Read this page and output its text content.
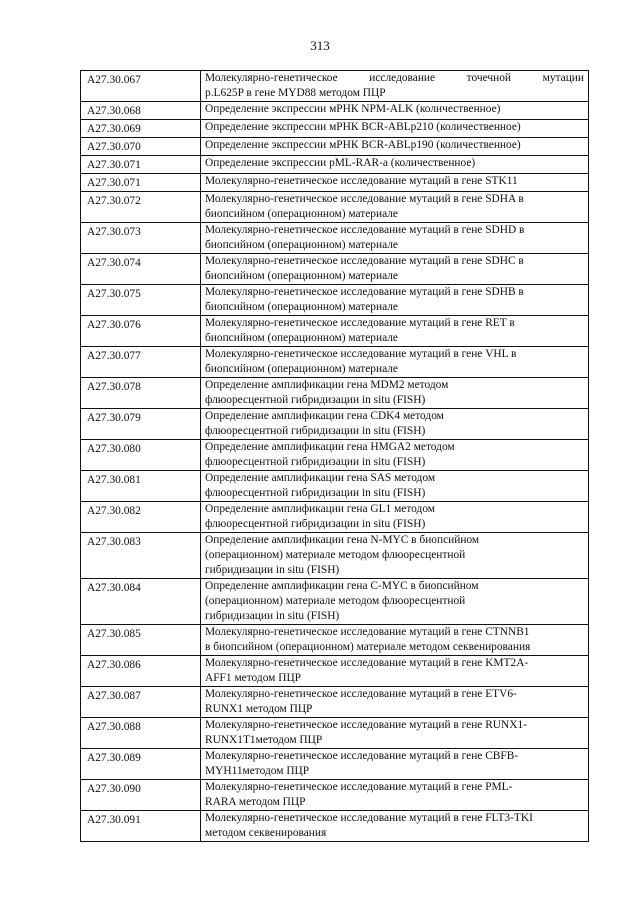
313
A27.30.067	Молекулярно-генетическое исследование точечной мутации
p.L625P в гене MYD88 методом ПЦР

A27.30.068	Определение экспрессии мРНК NPM-ALK (количественное)

A27.30.069	Определение экспрессии мРНК BCR-ABLp210 (количественное)

A27.30.070	Определение экспрессии мРНК BCR-ABLp190 (количественное)

A27.30.071	Определение экспрессии pML-RAR-a (количественное)

A27.30.071	Молекулярно-генетическое исследование мутаций в гене STK11

A27.30.072	Молекулярно-генетическое исследование мутаций в гене SDHA в
биопсийном (операционном) материале

A27.30.073	Молекулярно-генетическое исследование мутаций в гене SDHD в
биопсийном (операционном) материале

A27.30.074	Молекулярно-генетическое исследование мутаций в гене SDHC в
биопсийном (операционном) материале

A27.30.075	Молекулярно-генетическое исследование мутаций в гене SDHB в
биопсийном (операционном) материале

A27.30.076	Молекулярно-генетическое исследование мутаций в гене RET в
биопсийном (операционном) материале

A27.30.077	Молекулярно-генетическое исследование мутаций в гене VHL в
биопсийном (операционном) материале

A27.30.078	Определение амплификации гена MDM2 методом
флюоресцентной гибридизации in situ (FISH)

A27.30.079	Определение амплификации гена CDK4 методом
флюоресцентной гибридизации in situ (FISH)

A27.30.080	Определение амплификации гена HMGA2 методом
флюоресцентной гибридизации in situ (FISH)

A27.30.081	Определение амплификации гена SAS методом
флюоресцентной гибридизации in situ (FISH)

A27.30.082	Определение амплификации гена GL1 методом
флюоресцентной гибридизации in situ (FISH)

A27.30.083	Определение амплификации гена N-MYC в биопсийном
(операционном) материале методом флюоресцентной
гибридизации in situ (FISH)

A27.30.084	Определение амплификации гена C-MYC в биопсийном
(операционном) материале методом флюоресцентной
гибридизации in situ (FISH)

A27.30.085	Молекулярно-генетическое исследование мутаций в гене CTNNB1
в биопсийном (операционном) материале методом секвенирования

A27.30.086	Молекулярно-генетическое исследование мутаций в гене KMT2A-
AFF1 методом ПЦР

A27.30.087	Молекулярно-генетическое исследование мутаций в гене ETV6-
RUNX1 методом ПЦР

A27.30.088	Молекулярно-генетическое исследование мутаций в гене RUNX1-
RUNX1T1методом ПЦР

A27.30.089	Молекулярно-генетическое исследование мутаций в гене CBFB-
MYH11методом ПЦР

A27.30.090	Молекулярно-генетическое исследование мутаций в гене PML-
RARA методом ПЦР

A27.30.091	Молекулярно-генетическое исследование мутаций в гене FLT3-TKI
методом секвенирования
